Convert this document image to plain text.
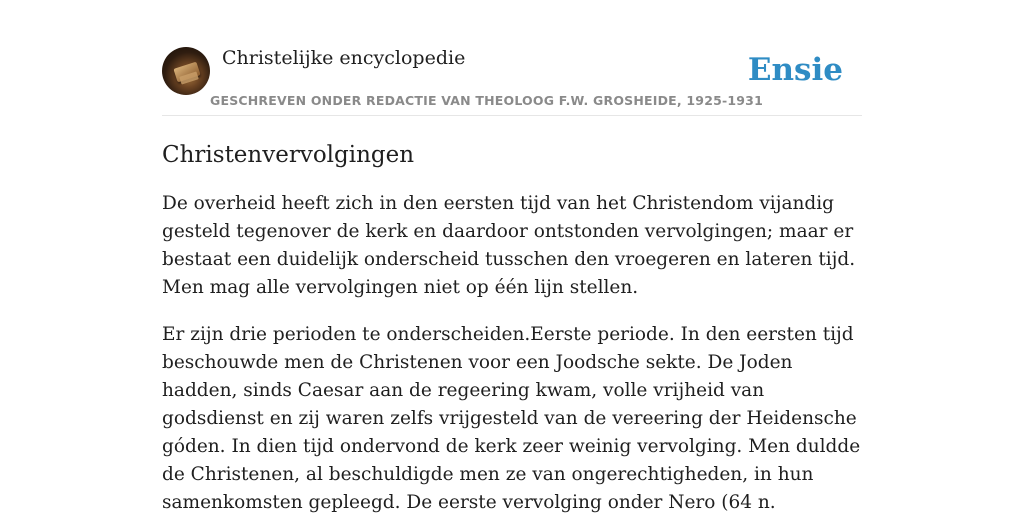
Christelijke encyclopedie
GESCHREVEN ONDER REDACTIE VAN THEOLOOG F.W. GROSHEIDE, 1925-1931
Ensie
Christenvervolgingen

De overheid heeft zich in den eersten tijd van het Christendom vijandig gesteld tegenover de kerk en daardoor ontstonden vervolgingen; maar er bestaat een duidelijk onderscheid tusschen den vroegeren en lateren tijd. Men mag alle vervolgingen niet op één lijn stellen.

Er zijn drie perioden te onderscheiden.Eerste periode. In den eersten tijd beschouwde men de Christenen voor een Joodsche sekte. De Joden hadden, sinds Caesar aan de regeering kwam, volle vrijheid van godsdienst en zij waren zelfs vrijgesteld van de vereering der Heidensche góden. In dien tijd ondervond de kerk zeer weinig vervolging. Men duldde de Christenen, al beschuldigde men ze van ongerechtigheden, in hun samenkomsten gepleegd. De eerste vervolging onder Nero (64 n.
